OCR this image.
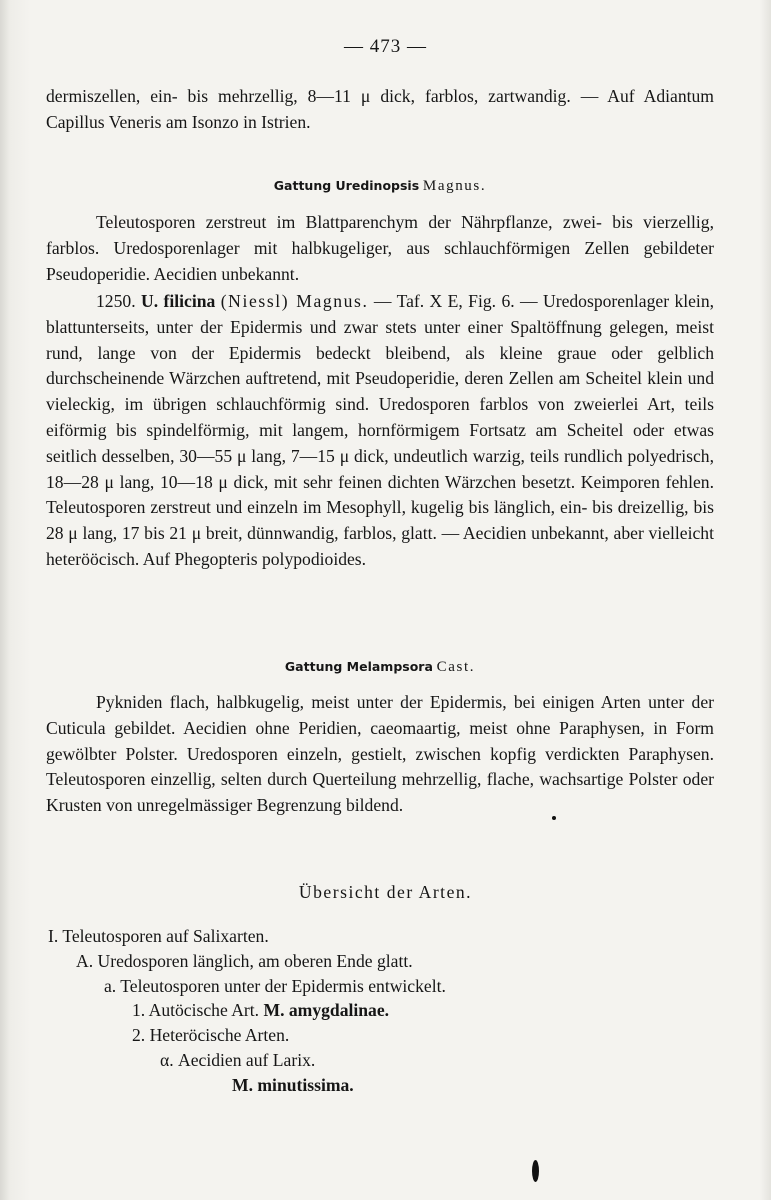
— 473 —

dermiszellen, ein- bis mehrzellig, 8—11 μ dick, farblos, zartwandig. — Auf Adiantum Capillus Veneris am Isonzo in Istrien.

Gattung Uredinopsis Magnus.

Teleutosporen zerstreut im Blattparenchym der Nährpflanze, zwei- bis vierzellig, farblos. Uredosporenlager mit halbkugeliger, aus schlauchförmigen Zellen gebildeter Pseudoperidie. Aecidien unbekannt.

1250. U. filicina (Niessl) Magnus. — Taf. X E, Fig. 6. — Uredosporenlager klein, blattunterseits, unter der Epidermis und zwar stets unter einer Spaltöffnung gelegen, meist rund, lange von der Epidermis bedeckt bleibend, als kleine graue oder gelblich durchscheinende Wärzchen auftretend, mit Pseudoperidie, deren Zellen am Scheitel klein und vieleckig, im übrigen schlauchförmig sind. Uredosporen farblos von zweierlei Art, teils eiförmig bis spindelförmig, mit langem, hornförmigem Fortsatz am Scheitel oder etwas seitlich desselben, 30—55 μ lang, 7—15 μ dick, undeutlich warzig, teils rundlich polyedrisch, 18—28 μ lang, 10—18 μ dick, mit sehr feinen dichten Wärzchen besetzt. Keimporen fehlen. Teleutosporen zerstreut und einzeln im Mesophyll, kugelig bis länglich, ein- bis dreizellig, bis 28 μ lang, 17 bis 21 μ breit, dünnwandig, farblos, glatt. — Aecidien unbekannt, aber vielleicht heterööcisch. Auf Phegopteris polypodioides.

Gattung Melampsora Cast.

Pykniden flach, halbkugelig, meist unter der Epidermis, bei einigen Arten unter der Cuticula gebildet. Aecidien ohne Peridien, caeomaartig, meist ohne Paraphysen, in Form gewölbter Polster. Uredosporen einzeln, gestielt, zwischen kopfig verdickten Paraphysen. Teleutosporen einzellig, selten durch Querteilung mehrzellig, flache, wachsartige Polster oder Krusten von unregelmässiger Begrenzung bildend.

Übersicht der Arten.
I. Teleutosporen auf Salixarten.
A. Uredosporen länglich, am oberen Ende glatt.
a. Teleutosporen unter der Epidermis entwickelt.
1. Autöcische Art. M. amygdalinae.
2. Heteröcische Arten.
α. Aecidien auf Larix.
M. minutissima.
